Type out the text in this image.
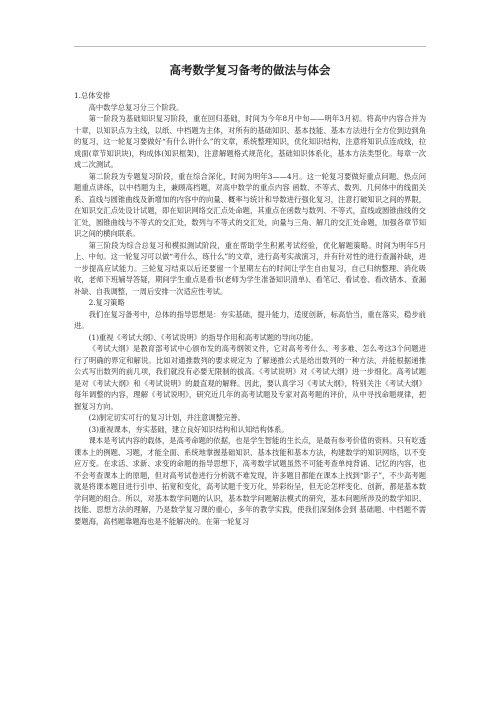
高考数学复习备考的做法与体会

1.总体安排

高中数学总复习分三个阶段。

第一阶段为基础知识复习阶段，重在回归基础，时间为今年8月中旬——明年3月初。将高中内容合并为十章，以知识点为主线，以纸、中档题为主体，对所有的基础知识、基本技能、基本方法进行全方位到边到角的复习，这一轮复习要做好“有什么讲什么”的文章，系统整理知识，优化知识结构，注意将知识点连成线，拉成面(章节知识块)，构成体(知识框架)，注意解题格式规范化，基础知识体系化，基本方法类型化。每章一次成二次测试。

第二阶段为专题复习阶段，重在综合深化，时间为明年3——4月。这一轮复习要做好重点问题、热点问题重点讲练，以中档题为主，兼顾高档题，对高中数学的重点内容 函数、不等式、数列、几何体中的线面关系、直线与圆锥曲线及新增加的内容中的向量、概率与统计和导数进行强化复习，注意打破知识之间的界限，在知识交汇点处设计试题，即在知识网络交汇点处命题，其重点在函数与数列、不等式，直线或圆锥曲线的交汇处，圆锥曲线与不等式的交汇处，数列与不等式的交汇处，向量与三角、解几的交汇处命题，加强各章节知识之间的横向联系。

第三阶段为综合总复习和模拟测试阶段，重在帮助学生积累考试经验，优化解题策略。时间为明年5月上、中旬。这一轮复习可以做“考什么，练什么”的文章，进行高考实战演习，并有针对性的进行查漏补缺，进一步提高应试能力。三轮复习结束以后还要留一个星期左右的时间让学生自由复习，自己归纳整理、消化吸收，老师下班辅导答疑，期间学生重点是看书(老师为学生准备知识清单)、看笔记、看试卷、看改错本、查漏补缺、自我调整，一周后安排一次适应性考试。

2.复习策略

我们在复习备考中，总体的指导思想是：夯实基础，提升能力，适度创新，标高恰当，重在落实，稳步前进。

(1)重视《考试大纲》、《考试说明》的指导作用和高考试题的导向功能。

《考试大纲》是教育部考试中心颁布发的高考纲领文件，它对高考考什么、考多难、怎么考这3个问题进行了明确的界定和解说。比如对通推数列的要求规定为 了解递推公式是给出数列的一种方法，并能根据递推公式写出数列的前几项，我们就没有必要无限制的拔高。《考试说明》对《考试大纲》进一步细化。高考试题是对《考试大纲》和《考试说明》的最直观的解释。因此，要认真学习《考试大纲》，特别关注《考试大纲》每年调整的内容，理解《考试说明》，研究近几年的高考试题及专家对高考题的评价，从中寻找命题规律，把握复习方向。

(2)制定切实可行的复习计划，并注意调整完善。

(3)重视课本，夯实基础，建立良好知识结构和认知结构体系。

课本是考试内容的载体，是高考命题的依据，也是学生智能的生长点，是最有参考价值的资料。只有吃透课本上的例题、习题，才能全面、系统地掌握基础知识、基本技能和基本方法，构建数学的知识网络，以不变应万变。在求活、求新、求变的命题的指导思想下，高考数学试题虽然不可能考查单纯背诵、记忆的内容，也不会考查课本上的原题，但对高考试卷进行分析就不难发现，许多题目都能在课本上找到“影子”，不少高考题就是将课本题目进行引申、拓宽和变化，高考试题千变万化，异彩纷呈，但无论怎样变化、创新，都是基本数学问题的组合。所以，对基本数学问题的认识，基本数学问题解法模式的研究，基本问题所涉及的数学知识、技能、思想方法的理解，乃是数学复习课的重心，多年的教学实践，使我们深刻体会到 基础题、中档题不需要题海，高档题靠题海也是不能解决的。在第一轮复习
